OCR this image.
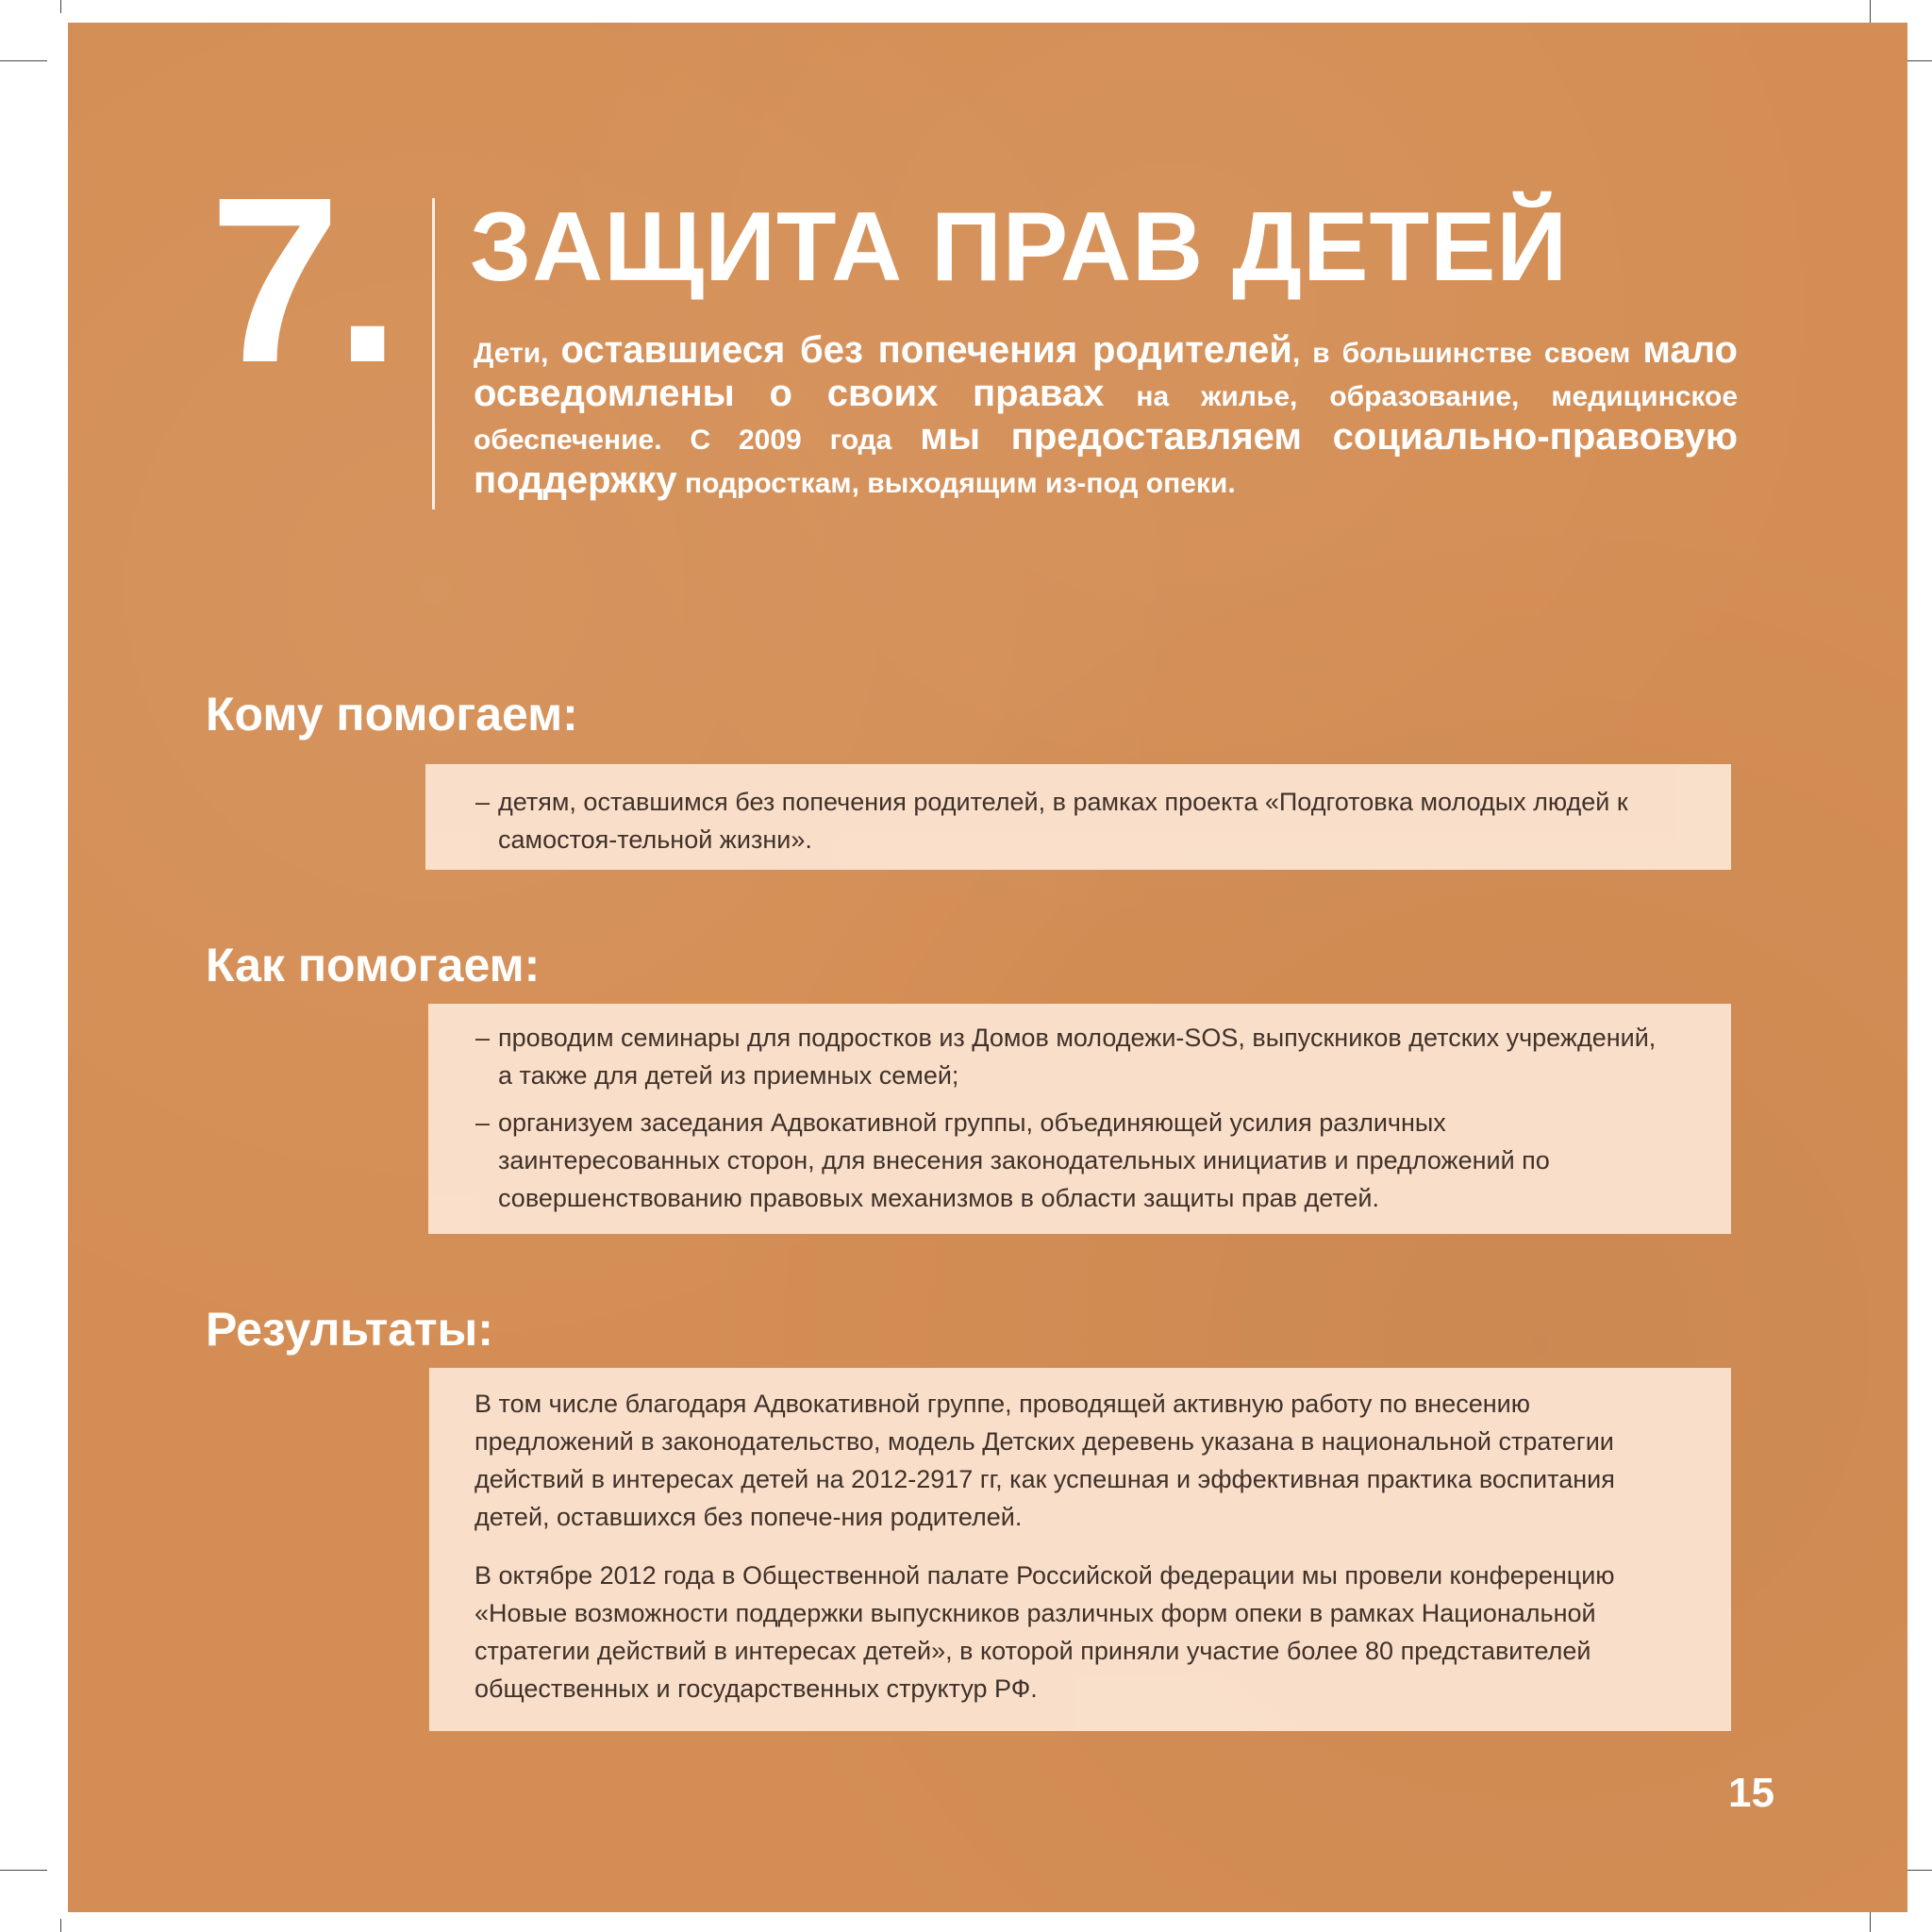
7. ЗАЩИТА ПРАВ ДЕТЕЙ
Дети, оставшиеся без попечения родителей, в большинстве своем мало осведомлены о своих правах на жилье, образование, медицинское обеспечение. С 2009 года мы предоставляем социально-правовую поддержку подросткам, выходящим из-под опеки.
Кому помогаем:
– детям, оставшимся без попечения родителей, в рамках проекта «Подготовка молодых людей к самостоя-тельной жизни».
Как помогаем:
– проводим семинары для подростков из Домов молодежи-SOS, выпускников детских учреждений, а также для детей из приемных семей;
– организуем заседания Адвокативной группы, объединяющей усилия различных заинтересованных сторон, для внесения законодательных инициатив и предложений по совершенствованию правовых механизмов в области защиты прав детей.
Результаты:

В том числе благодаря Адвокативной группе, проводящей активную работу по внесению предложений в законодательство, модель Детских деревень указана в национальной стратегии действий в интересах детей на 2012-2917 гг, как успешная и эффективная практика воспитания детей, оставшихся без попече-ния родителей.

В октябре 2012 года в Общественной палате Российской федерации мы провели конференцию «Новые возможности поддержки выпускников различных форм опеки в рамках Национальной стратегии действий в интересах детей», в которой приняли участие более 80 представителей общественных и государственных структур РФ.

15
